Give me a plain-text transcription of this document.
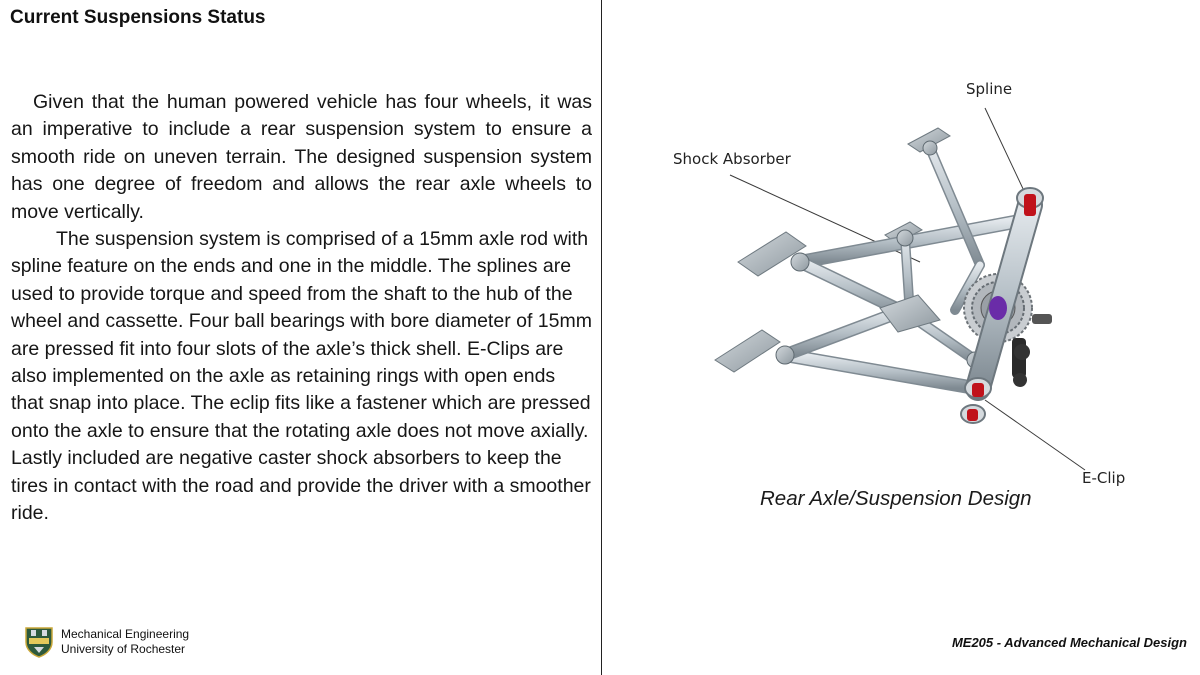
Current Suspensions Status

Given that the human powered vehicle has four wheels, it was an imperative to include a rear suspension system to ensure a smooth ride on uneven terrain. The designed suspension system has one degree of freedom and allows the rear axle wheels to move vertically.

The suspension system is comprised of a 15mm axle rod with spline feature on the ends and one in the middle. The splines are used to provide torque and speed from the shaft to the hub of the wheel and cassette. Four ball bearings with bore diameter of 15mm are pressed fit into four slots of the axle’s thick shell. E-Clips are also implemented on the axle as retaining rings with open ends that snap into place. The eclip fits like a fastener which are pressed onto the axle to ensure that the rotating axle does not move axially. Lastly included are negative caster shock absorbers to keep the tires in contact with the road and provide the driver with a smoother ride.

Spline
Shock Absorber
E-Clip
Rear Axle/Suspension Design
Mechanical Engineering
University of Rochester	ME205 - Advanced Mechanical Design
